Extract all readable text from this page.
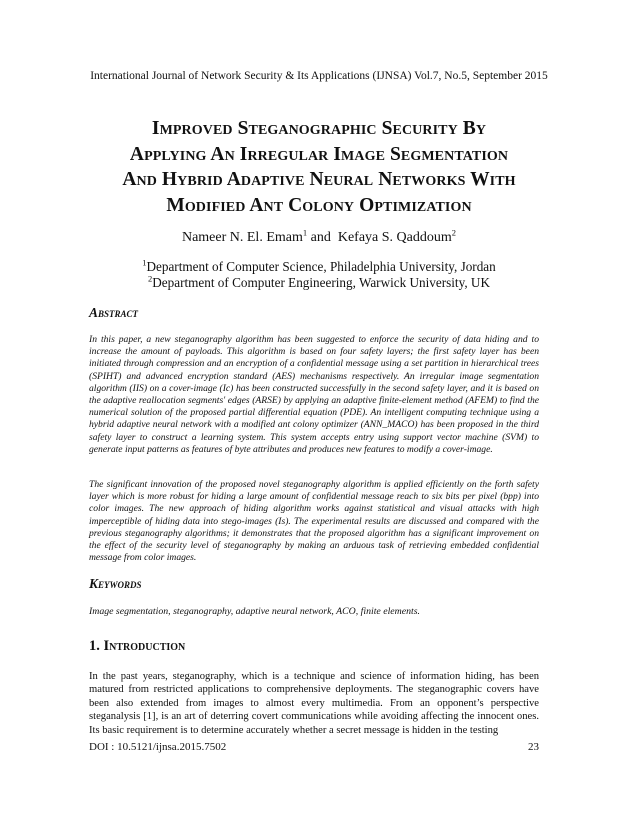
International Journal of Network Security & Its Applications (IJNSA) Vol.7, No.5, September 2015
Improved Steganographic Security By
Applying An Irregular Image Segmentation
And Hybrid Adaptive Neural Networks With
Modified Ant Colony Optimization
Nameer N. El. Emam$^1$ and  Kefaya S. Qaddoum$^2$
$^1$Department of Computer Science, Philadelphia University, Jordan
$^2$Department of Computer Engineering, Warwick University, UK
Abstract
In this paper, a new steganography algorithm has been suggested to enforce the security of data hiding and to increase the amount of payloads. This algorithm is based on four safety layers; the first safety layer has been initiated through compression and an encryption of a confidential message using a set partition in hierarchical trees (SPIHT) and advanced encryption standard (AES) mechanisms respectively. An irregular image segmentation algorithm (IIS) on a cover-image (Ic) has been constructed successfully in the second safety layer, and it is based on the adaptive reallocation segments' edges (ARSE) by applying an adaptive finite-element method (AFEM) to find the numerical solution of the proposed partial differential equation (PDE). An intelligent computing technique using a hybrid adaptive neural network with a modified ant colony optimizer (ANN_MACO) has been proposed in the third safety layer to construct a learning system. This system accepts entry using support vector machine (SVM) to generate input patterns as features of byte attributes and produces new features to modify a cover-image.
The significant innovation of the proposed novel steganography algorithm is applied efficiently on the forth safety layer which is more robust for hiding a large amount of confidential message reach to six bits per pixel (bpp) into color images. The new approach of hiding algorithm works against statistical and visual attacks with high imperceptible of hiding data into stego-images (Is). The experimental results are discussed and compared with the previous steganography algorithms; it demonstrates that the proposed algorithm has a significant improvement on the effect of the security level of steganography by making an arduous task of retrieving embedded confidential message from color images.
Keywords
Image segmentation, steganography, adaptive neural network, ACO, finite elements.
1. Introduction
In the past years, steganography, which is a technique and science of information hiding, has been matured from restricted applications to comprehensive deployments. The steganographic covers have been also extended from images to almost every multimedia. From an opponent’s perspective steganalysis [1], is an art of deterring covert communications while avoiding affecting the innocent ones. Its basic requirement is to determine accurately whether a secret message is hidden in the testing
DOI : 10.5121/ijnsa.2015.7502	23
